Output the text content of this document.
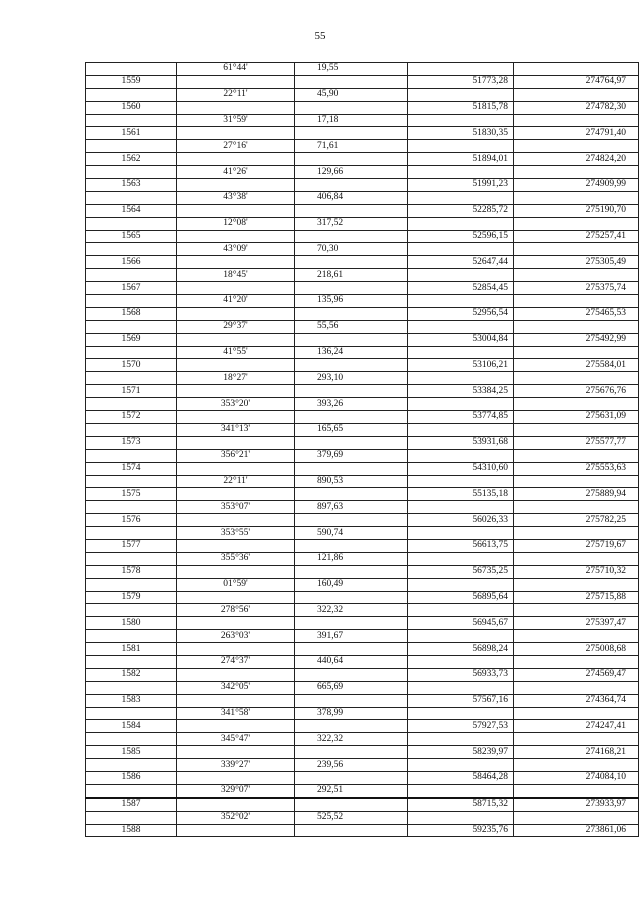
55
	61°44'	19,55		
1559			51773,28	274764,97
	22°11'	45,90		
1560			51815,78	274782,30
	31°59'	17,18		
1561			51830,35	274791,40
	27°16'	71,61		
1562			51894,01	274824,20
	41°26'	129,66		
1563			51991,23	274909,99
	43°38'	406,84		
1564			52285,72	275190,70
	12°08'	317,52		
1565			52596,15	275257,41
	43°09'	70,30		
1566			52647,44	275305,49
	18°45'	218,61		
1567			52854,45	275375,74
	41°20'	135,96		
1568			52956,54	275465,53
	29°37'	55,56		
1569			53004,84	275492,99
	41°55'	136,24		
1570			53106,21	275584,01
	18°27'	293,10		
1571			53384,25	275676,76
	353°20'	393,26		
1572			53774,85	275631,09
	341°13'	165,65		
1573			53931,68	275577,77
	356°21'	379,69		
1574			54310,60	275553,63
	22°11'	890,53		
1575			55135,18	275889,94
	353°07'	897,63		
1576			56026,33	275782,25
	353°55'	590,74		
1577			56613,75	275719,67
	355°36'	121,86		
1578			56735,25	275710,32
	01°59'	160,49		
1579			56895,64	275715,88
	278°56'	322,32		
1580			56945,67	275397,47
	263°03'	391,67		
1581			56898,24	275008,68
	274°37'	440,64		
1582			56933,73	274569,47
	342°05'	665,69		
1583			57567,16	274364,74
	341°58'	378,99		
1584			57927,53	274247,41
	345°47'	322,32		
1585			58239,97	274168,21
	339°27'	239,56		
1586			58464,28	274084,10
	329°07'	292,51		
1587			58715,32	273933,97
	352°02'	525,52		
1588			59235,76	273861,06
